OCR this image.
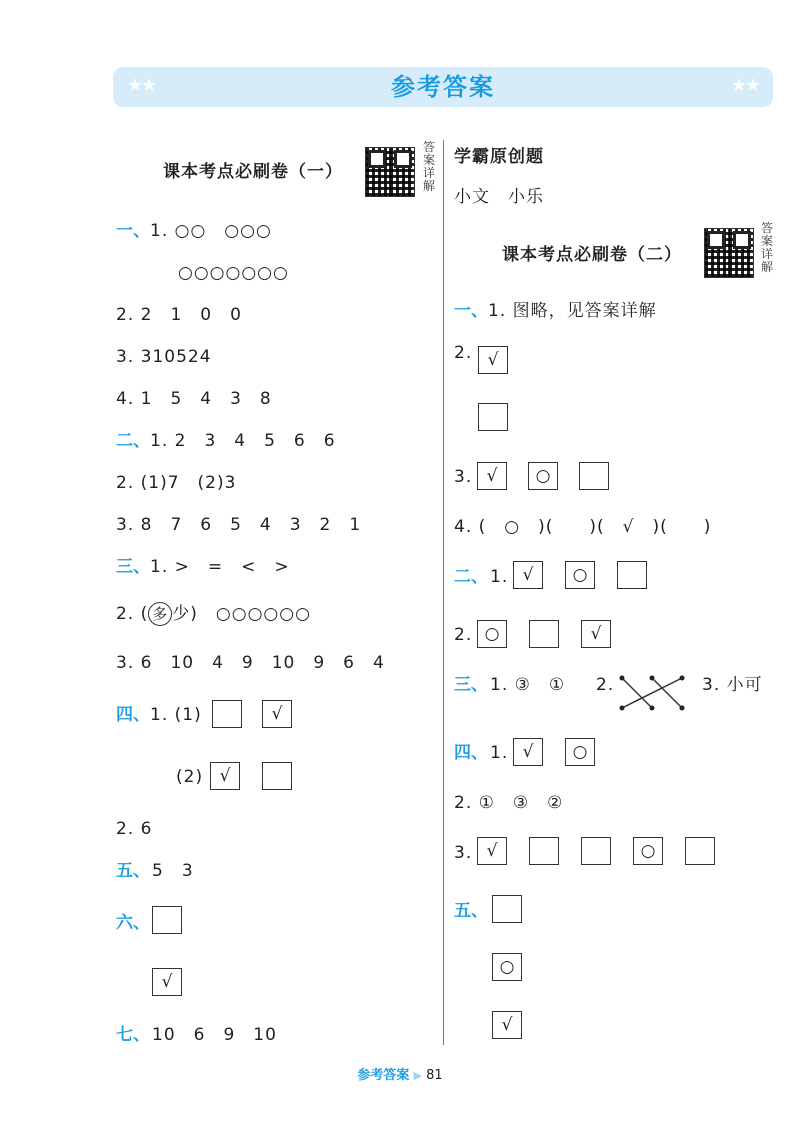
★★	参考答案	★★
课本考点必刷卷（一）
答
案
详
解
一、 1. ○○　○○○
○○○○○○○
2. 2　1　0　0
3. 310524
4. 1　5　4　3　8
二、 1. 2　3　4　5　6　6
2. (1)7　(2)3
3. 8　7　6　5　4　3　2　1
三、 1. >　=　<　>
2. ( 多 少)　○○○○○○
3. 6　10　4　9　10　9　6　4
四、 1. (1)	√
(2) √
2. 6
五、 5　3
六、
√
七、 10　6　9　10
学霸原创题
小文　小乐
课本考点必刷卷（二）
答
案
详
解
一、 1. 图略，见答案详解
2. √
3. √	○
4. (　○　)(　　)(　√　)(　　)
二、 1. √	○
2. ○	√
三、 1. ③　① 2.	3. 小可
四、 1. √	○
2. ①　③　②
3. √	○
五、
○
√
参考答案 ▶ 81
